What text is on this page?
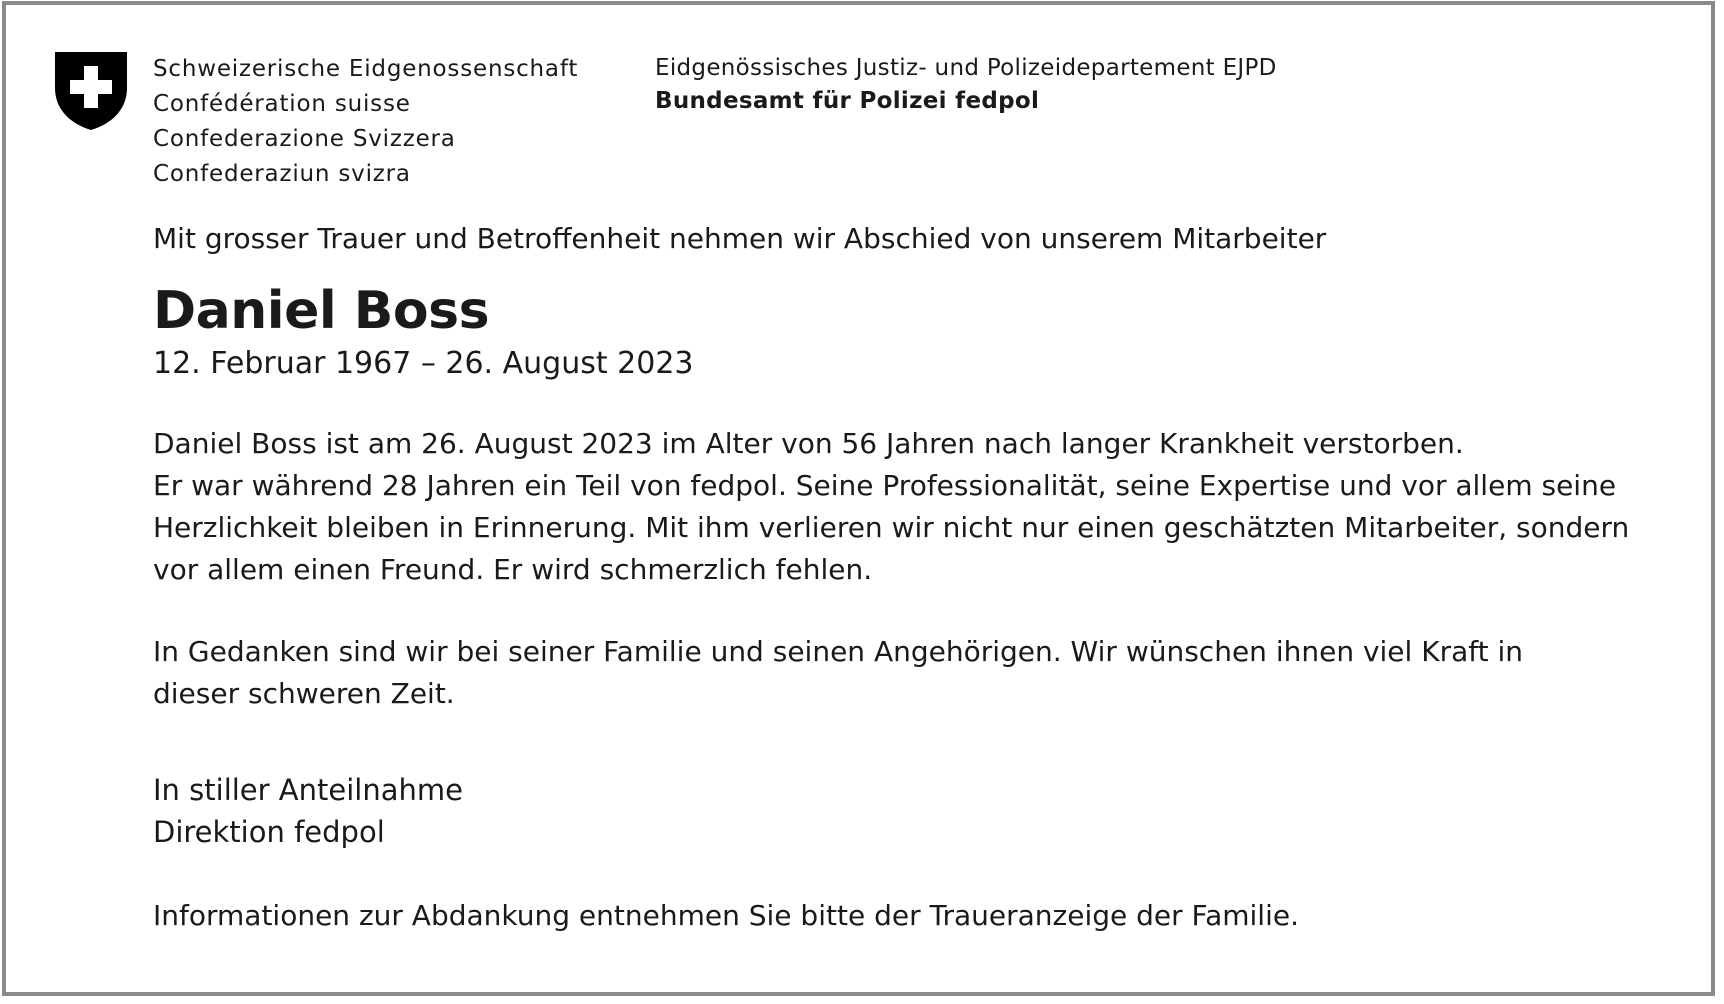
Schweizerische Eidgenossenschaft
Confédération suisse
Confederazione Svizzera
Confederaziun svizra
Eidgenössisches Justiz- und Polizeidepartement EJPD
Bundesamt für Polizei fedpol

Mit grosser Trauer und Betroffenheit nehmen wir Abschied von unserem Mitarbeiter

Daniel Boss

12. Februar 1967 – 26. August 2023

Daniel Boss ist am 26. August 2023 im Alter von 56 Jahren nach langer Krankheit verstorben.
Er war während 28 Jahren ein Teil von fedpol. Seine Professionalität, seine Expertise und vor allem seine
Herzlichkeit bleiben in Erinnerung. Mit ihm verlieren wir nicht nur einen geschätzten Mitarbeiter, sondern
vor allem einen Freund. Er wird schmerzlich fehlen.
In Gedanken sind wir bei seiner Familie und seinen Angehörigen. Wir wünschen ihnen viel Kraft in
dieser schweren Zeit.
In stiller Anteilnahme
Direktion fedpol
Informationen zur Abdankung entnehmen Sie bitte der Traueranzeige der Familie.
